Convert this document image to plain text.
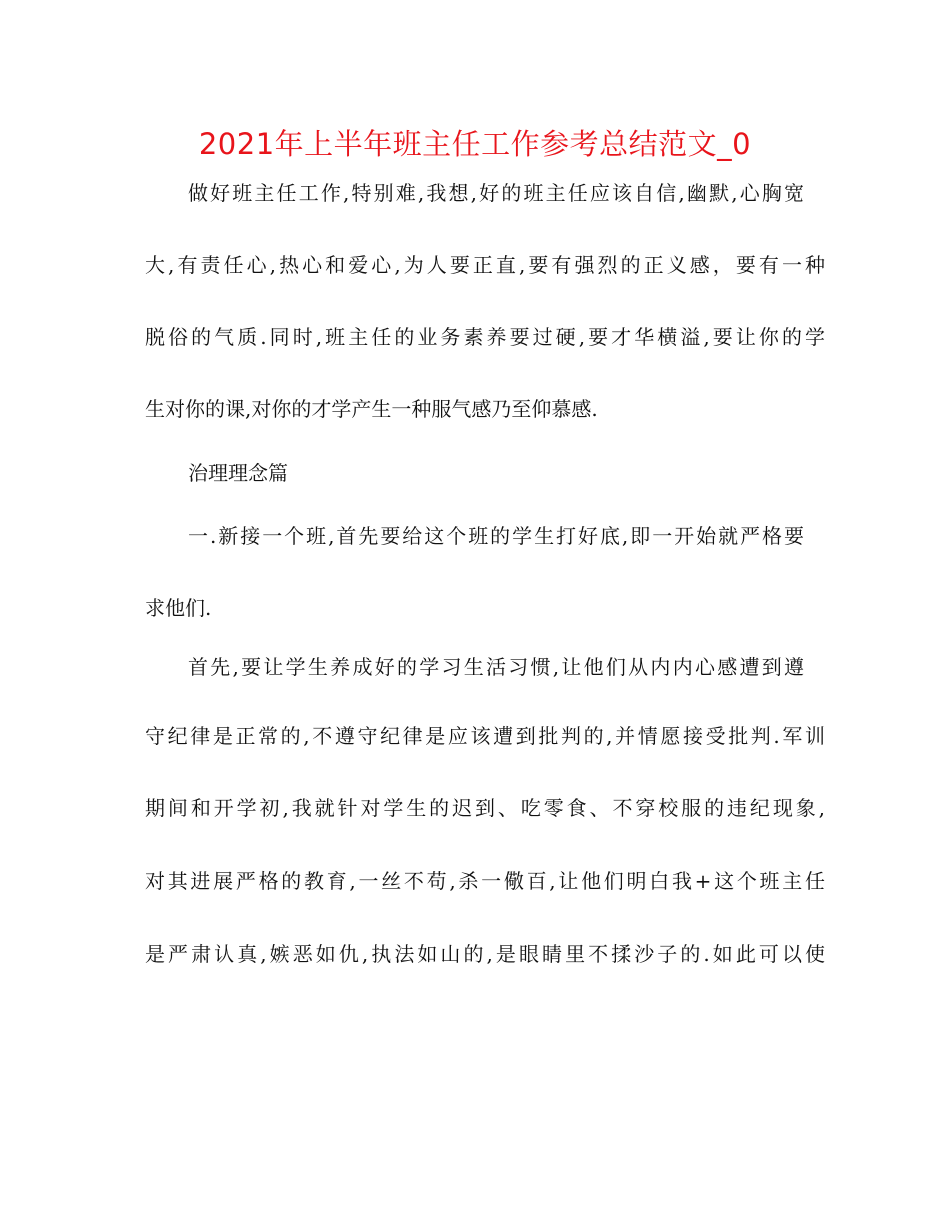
2021年上半年班主任工作参考总结范文_0

做好班主任工作,特别难,我想,好的班主任应该自信,幽默,心胸宽

大,有责任心,热心和爱心,为人要正直,要有强烈的正义感，要有一种

脱俗的气质.同时,班主任的业务素养要过硬,要才华横溢,要让你的学

生对你的课,对你的才学产生一种服气感乃至仰慕感.

治理理念篇

一.新接一个班,首先要给这个班的学生打好底,即一开始就严格要

求他们.

首先,要让学生养成好的学习生活习惯,让他们从内内心感遭到遵

守纪律是正常的,不遵守纪律是应该遭到批判的,并情愿接受批判.军训

期间和开学初,我就针对学生的迟到、吃零食、不穿校服的违纪现象,

对其进展严格的教育,一丝不苟,杀一儆百,让他们明白我+这个班主任

是严肃认真,嫉恶如仇,执法如山的,是眼睛里不揉沙子的.如此可以使
